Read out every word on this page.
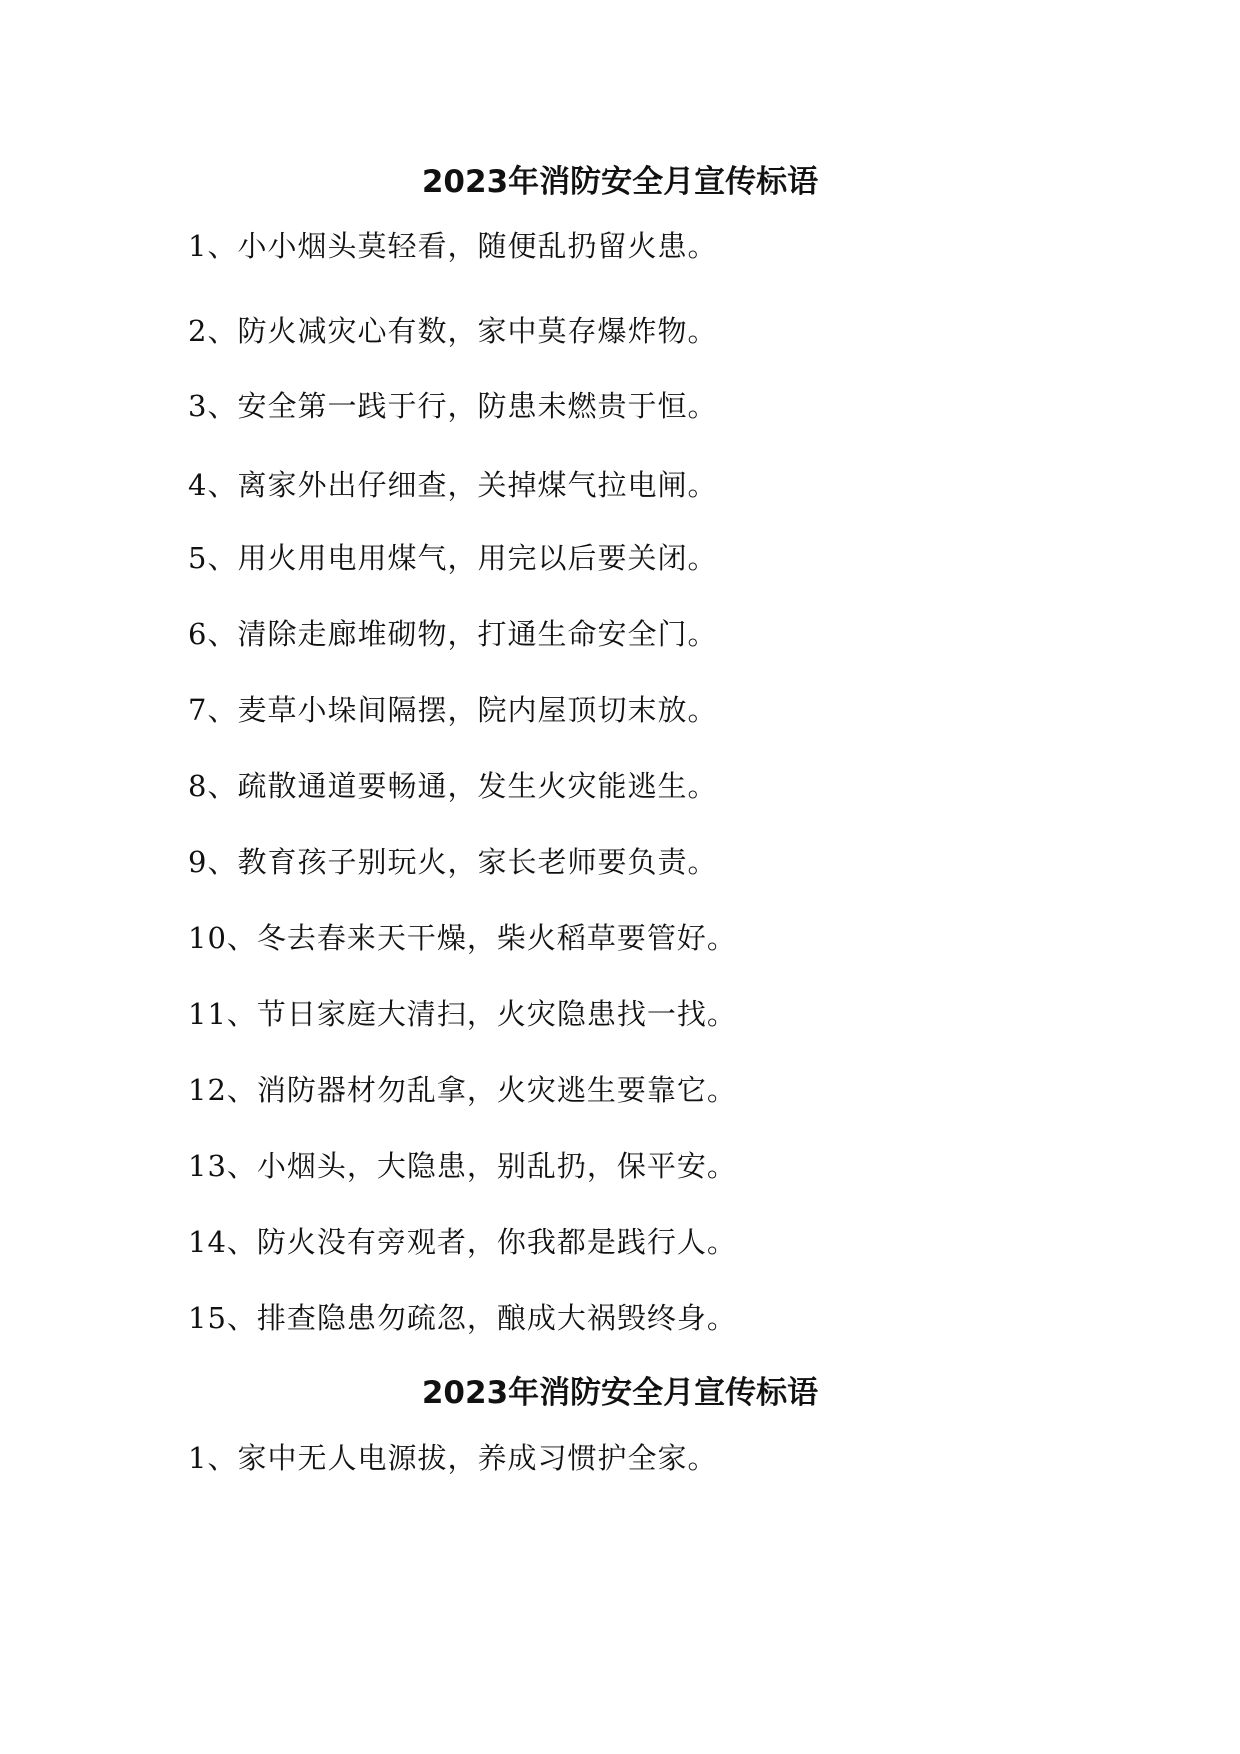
2023年消防安全月宣传标语
1、小小烟头莫轻看，随便乱扔留火患。
2、防火减灾心有数，家中莫存爆炸物。
3、安全第一践于行，防患未燃贵于恒。
4、离家外出仔细查，关掉煤气拉电闸。
5、用火用电用煤气，用完以后要关闭。
6、清除走廊堆砌物，打通生命安全门。
7、麦草小垛间隔摆，院内屋顶切末放。
8、疏散通道要畅通，发生火灾能逃生。
9、教育孩子别玩火，家长老师要负责。
10、冬去春来天干燥，柴火稻草要管好。
11、节日家庭大清扫，火灾隐患找一找。
12、消防器材勿乱拿，火灾逃生要靠它。
13、小烟头，大隐患，别乱扔，保平安。
14、防火没有旁观者，你我都是践行人。
15、排查隐患勿疏忽，酿成大祸毁终身。
2023年消防安全月宣传标语
1、家中无人电源拔，养成习惯护全家。
